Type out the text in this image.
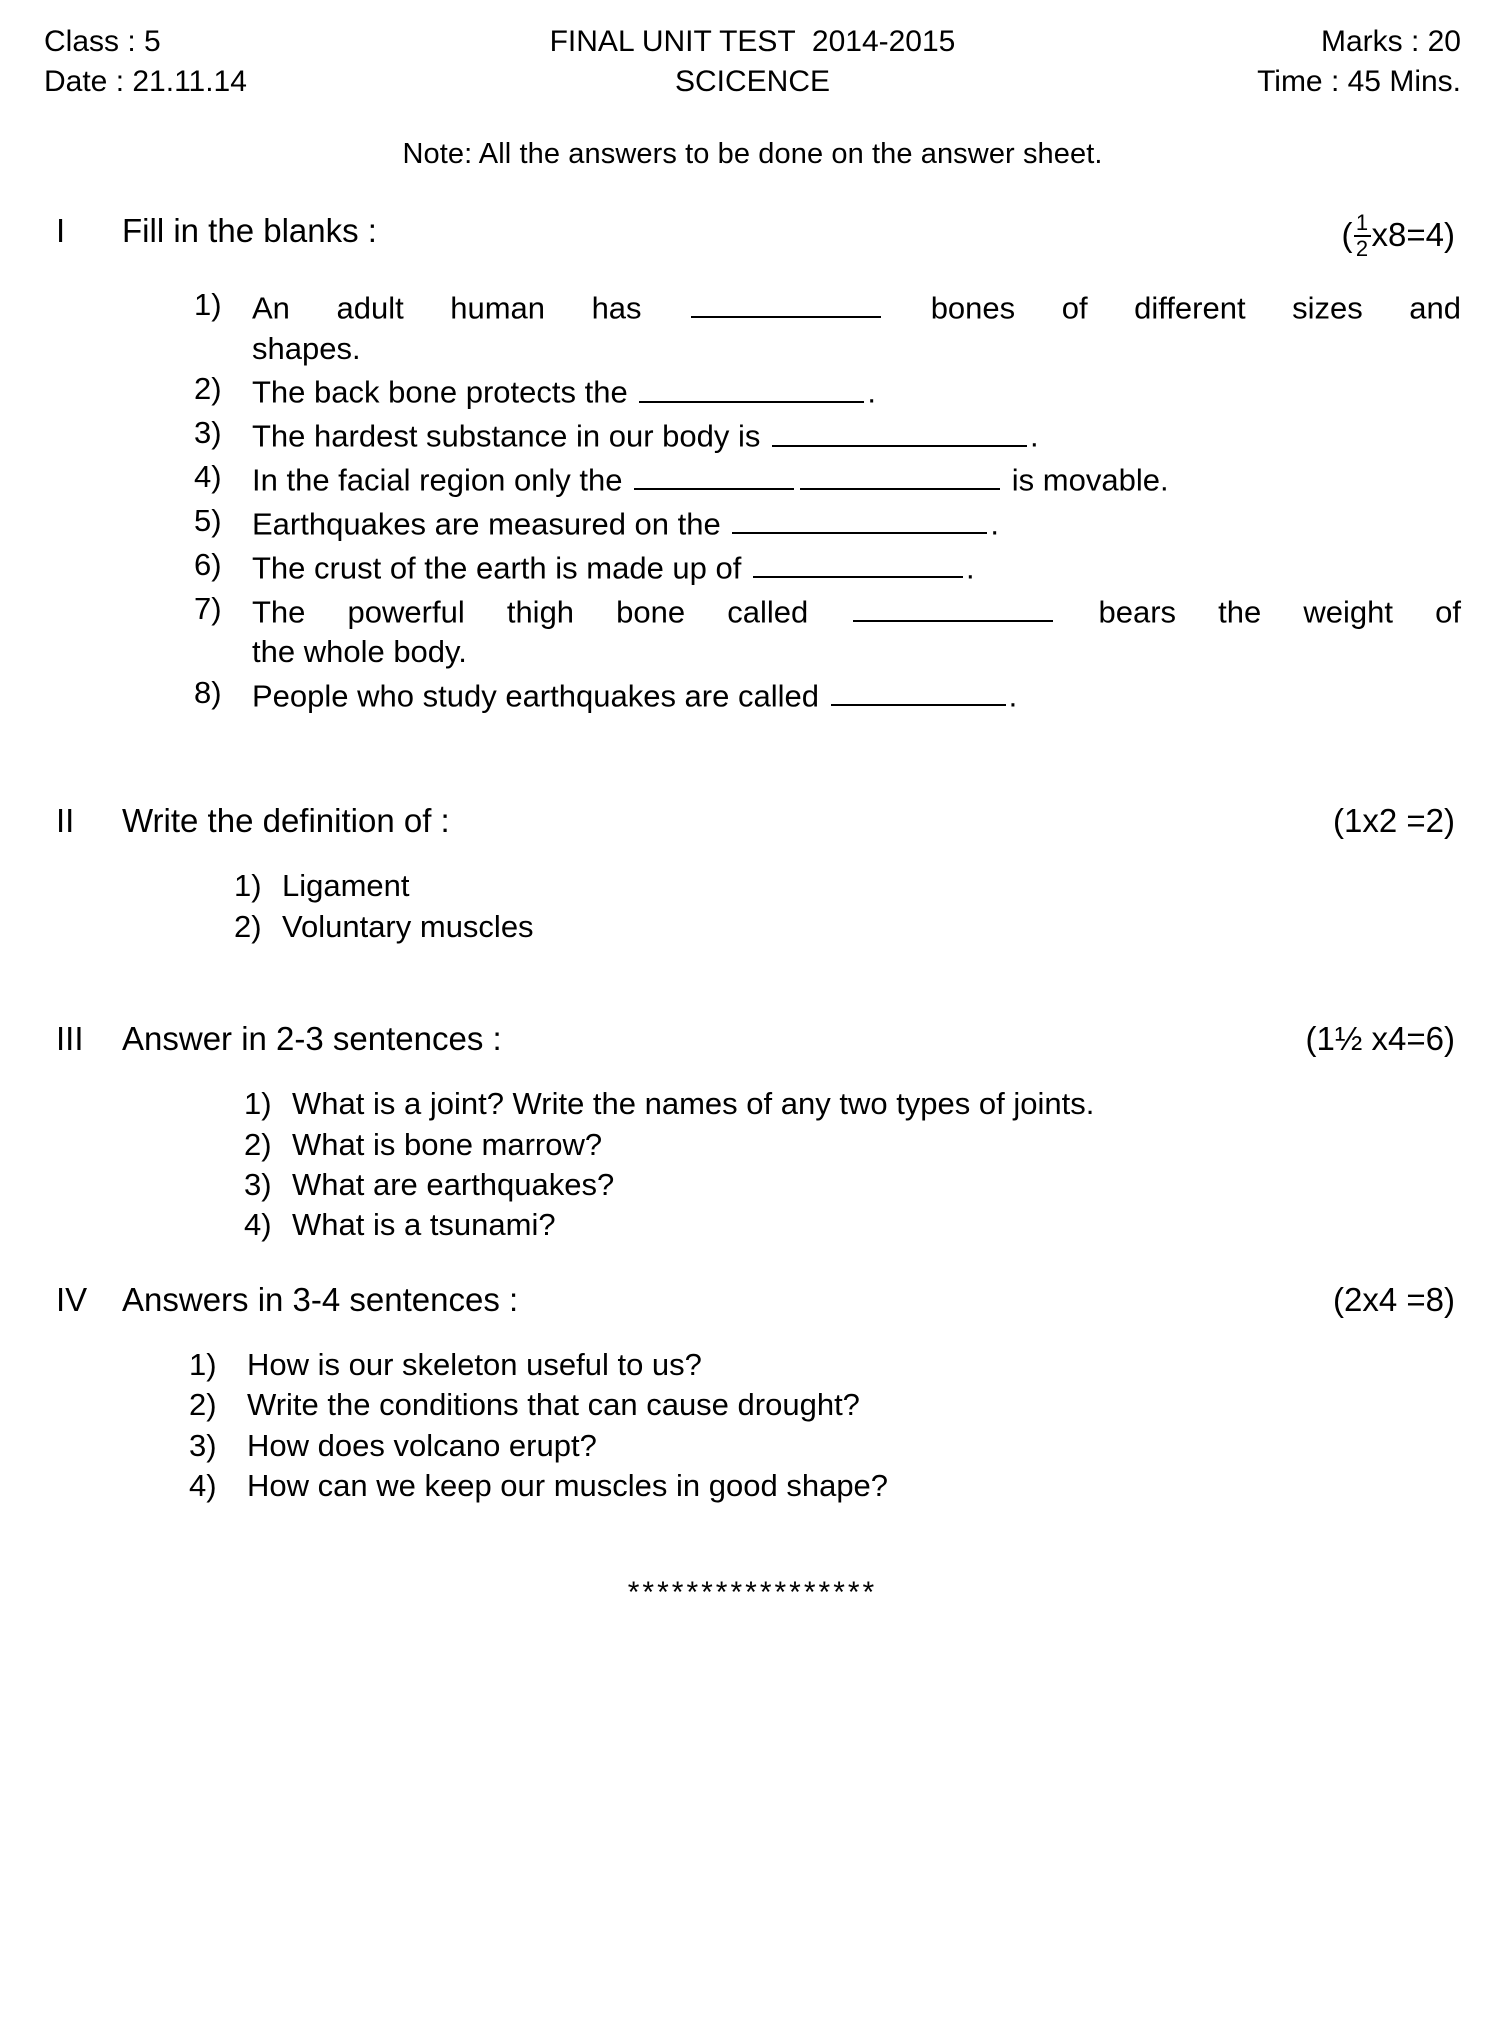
Class : 5
Date : 21.11.14
FINAL UNIT TEST  2014-2015
SCICENCE
Marks : 20
Time : 45 Mins.
Note: All the answers to be done on the answer sheet.
I	Fill in the blanks :	( $\frac{1}{2} x8=4$)
1) An adult human has	bones of different sizes and
shapes.
2) The back bone protects the	.
3) The hardest substance in our body is	.
4) In the facial region only the	is movable.
5) Earthquakes are measured on the	.
6) The crust of the earth is made up of	.
7) The powerful thigh bone called	bears the weight of
the whole body.
8) People who study earthquakes are called	.
II	Write the definition of :	(1x2 =2)
1) Ligament
2) Voluntary muscles
III	Answer in 2-3 sentences :	(1½ x4=6)
1) What is a joint? Write the names of any two types of joints.
2) What is bone marrow?
3) What are earthquakes?
4) What is a tsunami?
IV	Answers in 3-4 sentences :	(2x4 =8)
1) How is our skeleton useful to us?
2) Write the conditions that can cause drought?
3) How does volcano erupt?
4) How can we keep our muscles in good shape?
*****************
